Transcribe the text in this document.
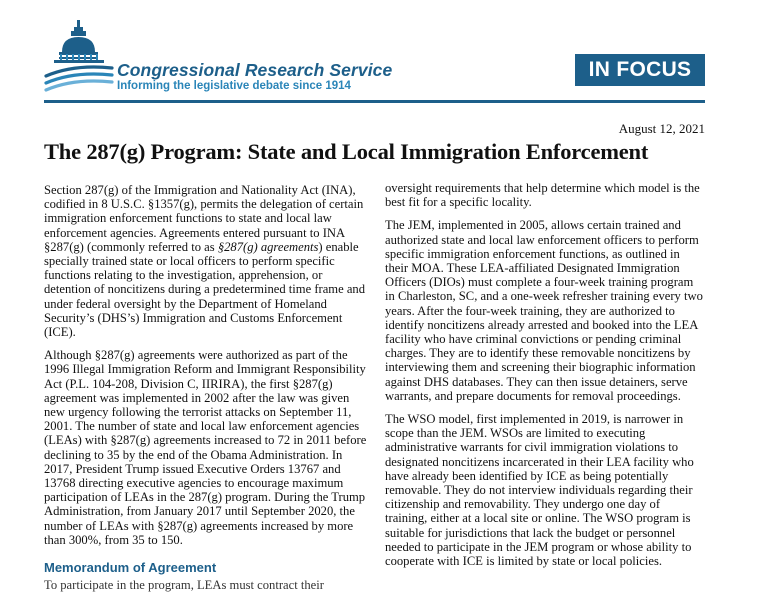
Congressional Research Service
Informing the legislative debate since 1914
IN FOCUS
August 12, 2021
The 287(g) Program: State and Local Immigration Enforcement

Section 287(g) of the Immigration and Nationality Act (INA), codified in 8 U.S.C. §1357(g), permits the delegation of certain immigration enforcement functions to state and local law enforcement agencies. Agreements entered pursuant to INA §287(g) (commonly referred to as §287(g) agreements) enable specially trained state or local officers to perform specific functions relating to the investigation, apprehension, or detention of noncitizens during a predetermined time frame and under federal oversight by the Department of Homeland Security’s (DHS’s) Immigration and Customs Enforcement (ICE).

Although §287(g) agreements were authorized as part of the 1996 Illegal Immigration Reform and Immigrant Responsibility Act (P.L. 104-208, Division C, IIRIRA), the first §287(g) agreement was implemented in 2002 after the law was given new urgency following the terrorist attacks on September 11, 2001. The number of state and local law enforcement agencies (LEAs) with §287(g) agreements increased to 72 in 2011 before declining to 35 by the end of the Obama Administration. In 2017, President Trump issued Executive Orders 13767 and 13768 directing executive agencies to encourage maximum participation of LEAs in the 287(g) program. During the Trump Administration, from January 2017 until September 2020, the number of LEAs with §287(g) agreements increased by more than 300%, from 35 to 150.

Memorandum of Agreement

To participate in the program, LEAs must contract their

oversight requirements that help determine which model is the best fit for a specific locality.

The JEM, implemented in 2005, allows certain trained and authorized state and local law enforcement officers to perform specific immigration enforcement functions, as outlined in their MOA. These LEA-affiliated Designated Immigration Officers (DIOs) must complete a four-week training program in Charleston, SC, and a one-week refresher training every two years. After the four-week training, they are authorized to identify noncitizens already arrested and booked into the LEA facility who have criminal convictions or pending criminal charges. They are to identify these removable noncitizens by interviewing them and screening their biographic information against DHS databases. They can then issue detainers, serve warrants, and prepare documents for removal proceedings.

The WSO model, first implemented in 2019, is narrower in scope than the JEM. WSOs are limited to executing administrative warrants for civil immigration violations to designated noncitizens incarcerated in their LEA facility who have already been identified by ICE as being potentially removable. They do not interview individuals regarding their citizenship and removability. They undergo one day of training, either at a local site or online. The WSO program is suitable for jurisdictions that lack the budget or personnel needed to participate in the JEM program or whose ability to cooperate with ICE is limited by state or local policies.
